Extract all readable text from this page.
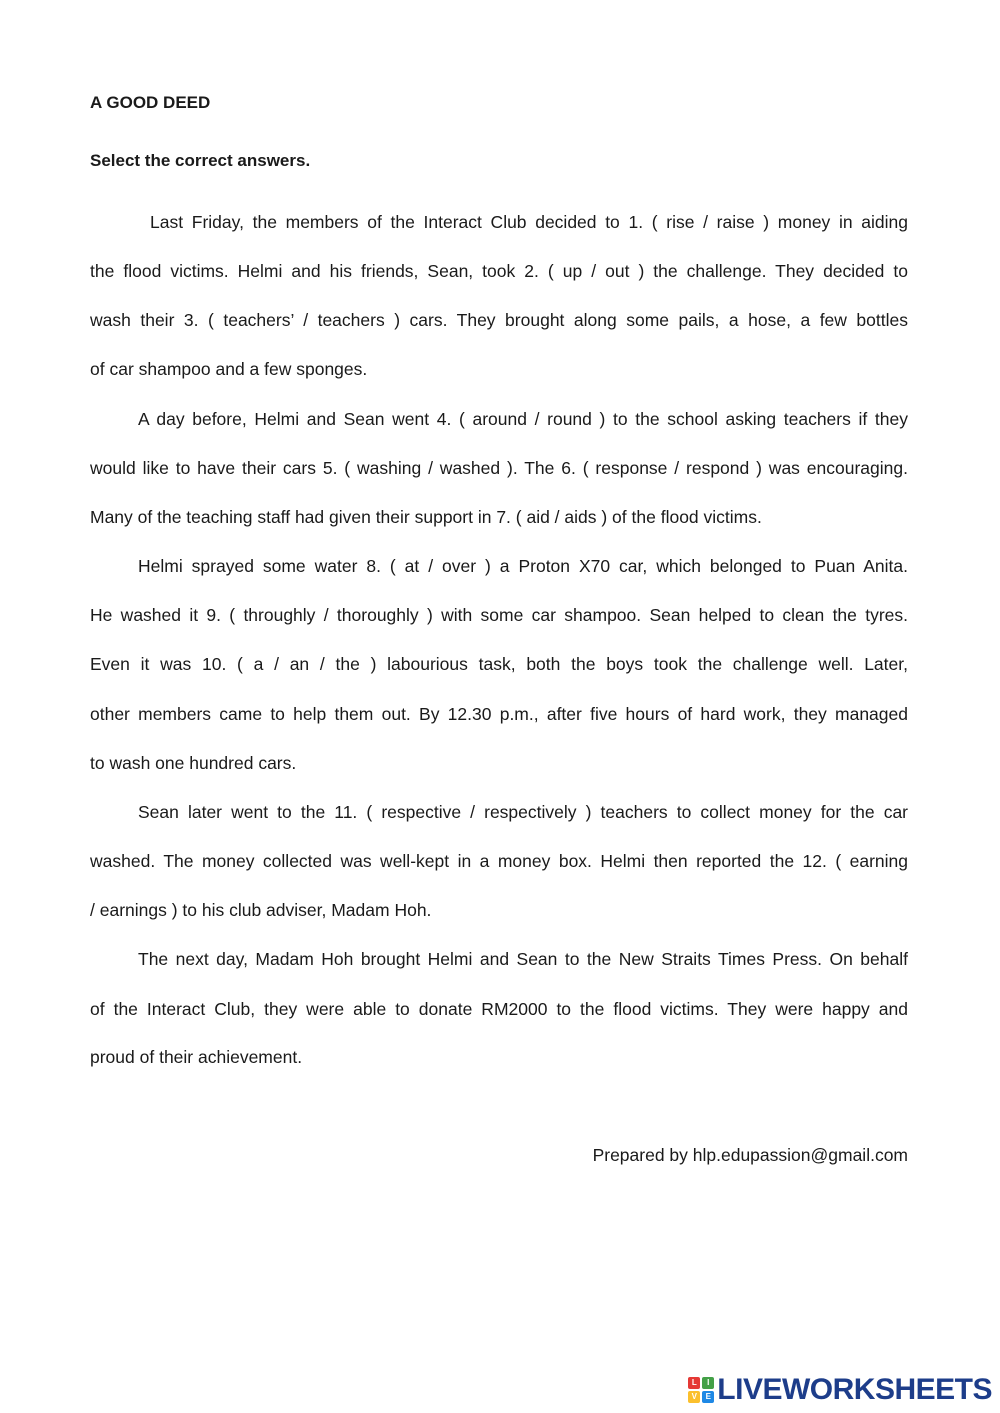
A GOOD DEED
Select the correct answers.
Last Friday, the members of the Interact Club decided to 1. ( rise / raise ) money in aiding
the flood victims. Helmi and his friends, Sean, took 2. ( up / out ) the challenge. They decided to
wash their 3. ( teachers’ / teachers ) cars. They brought along some pails, a hose, a few bottles
of car shampoo and a few sponges.
A day before, Helmi and Sean went 4. ( around / round ) to the school asking teachers if they
would like to have their cars 5. ( washing / washed ). The 6. ( response / respond ) was encouraging.
Many of the teaching staff had given their support in 7. ( aid / aids ) of the flood victims.
Helmi sprayed some water 8. ( at / over ) a Proton X70 car, which belonged to Puan Anita.
He washed it 9. ( throughly / thoroughly ) with some car shampoo. Sean helped to clean the tyres.
Even it was 10. ( a / an / the ) labourious task, both the boys took the challenge well. Later,
other members came to help them out. By 12.30 p.m., after five hours of hard work, they managed
to wash one hundred cars.
Sean later went to the 11. ( respective / respectively ) teachers to collect money for the car
washed. The money collected was well-kept in a money box. Helmi then reported the 12. ( earning
/ earnings ) to his club adviser, Madam Hoh.
The next day, Madam Hoh brought Helmi and Sean to the New Straits Times Press. On behalf
of the Interact Club, they were able to donate RM2000 to the flood victims. They were happy and
proud of their achievement.
Prepared by hlp.edupassion@gmail.com
L	I
V	E LIVEWORKSHEETS
